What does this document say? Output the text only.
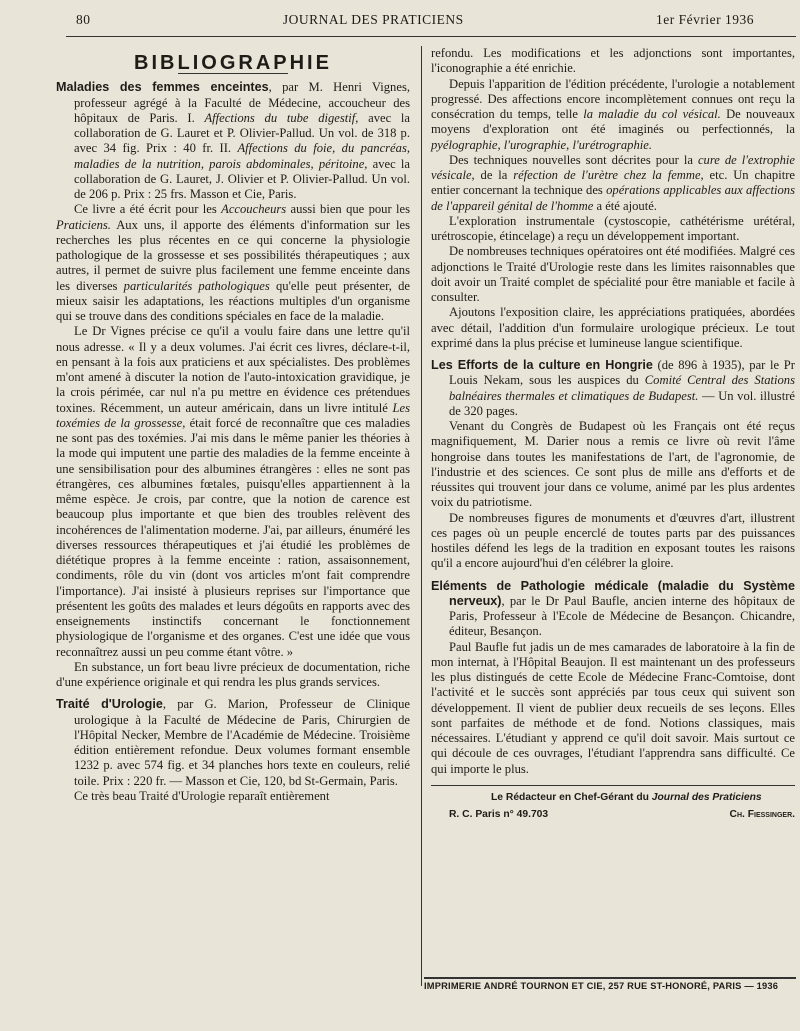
80	JOURNAL DES PRATICIENS	1er Février 1936
BIBLIOGRAPHIE

Maladies des femmes enceintes, par M. Henri Vignes, professeur agrégé à la Faculté de Médecine, accoucheur des hôpitaux de Paris. I. Affections du tube digestif, avec la collaboration de G. Lauret et P. Olivier-Pallud. Un vol. de 318 p. avec 34 fig. Prix : 40 fr. II. Affections du foie, du pancréas, maladies de la nutrition, parois abdominales, péritoine, avec la collaboration de G. Lauret, J. Olivier et P. Olivier-Pallud. Un vol. de 206 p. Prix : 25 frs. Masson et Cie, Paris.

Ce livre a été écrit pour les Accoucheurs aussi bien que pour les Praticiens. Aux uns, il apporte des éléments d'information sur les recherches les plus récentes en ce qui concerne la physiologie pathologique de la grossesse et ses possibilités thérapeutiques ; aux autres, il permet de suivre plus facilement une femme enceinte dans les diverses particularités pathologiques qu'elle peut présenter, de mieux saisir les adaptations, les réactions multiples d'un organisme qui se trouve dans des conditions spéciales en face de la maladie.

Le Dr Vignes précise ce qu'il a voulu faire dans une lettre qu'il nous adresse. « Il y a deux volumes. J'ai écrit ces livres, déclare-t-il, en pensant à la fois aux praticiens et aux spécialistes. Des problèmes m'ont amené à discuter la notion de l'auto-intoxication gravidique, je la crois périmée, car nul n'a pu mettre en évidence ces prétendues toxines. Récemment, un auteur américain, dans un livre intitulé Les toxémies de la grossesse, était forcé de reconnaître que ces maladies ne sont pas des toxémies. J'ai mis dans le même panier les théories à la mode qui imputent une partie des maladies de la femme enceinte à une sensibilisation pour des albumines étrangères : elles ne sont pas étrangères, ces albumines fœtales, puisqu'elles appartiennent à la même espèce. Je crois, par contre, que la notion de carence est beaucoup plus importante et que bien des troubles relèvent des incohérences de l'alimentation moderne. J'ai, par ailleurs, énuméré les diverses ressources thérapeutiques et j'ai étudié les problèmes de diététique propres à la femme enceinte : ration, assaisonnement, condiments, rôle du vin (dont vos articles m'ont fait comprendre l'importance). J'ai insisté à plusieurs reprises sur l'importance que présentent les goûts des malades et leurs dégoûts en rapports avec des enseignements instinctifs concernant le fonctionnement physiologique de l'organisme et des organes. C'est une idée que vous reconnaîtrez aussi un peu comme étant vôtre. »

En substance, un fort beau livre précieux de documentation, riche d'une expérience originale et qui rendra les plus grands services.

Traité d'Urologie, par G. Marion, Professeur de Clinique urologique à la Faculté de Médecine de Paris, Chirurgien de l'Hôpital Necker, Membre de l'Académie de Médecine. Troisième édition entièrement refondue. Deux volumes formant ensemble 1232 p. avec 574 fig. et 34 planches hors texte en couleurs, relié toile. Prix : 220 fr. — Masson et Cie, 120, bd St-Germain, Paris.

Ce très beau Traité d'Urologie reparaît entièrement

refondu. Les modifications et les adjonctions sont importantes, l'iconographie a été enrichie.

Depuis l'apparition de l'édition précédente, l'urologie a notablement progressé. Des affections encore incomplètement connues ont reçu la consécration du temps, telle la maladie du col vésical. De nouveaux moyens d'exploration ont été imaginés ou perfectionnés, la pyélographie, l'urographie, l'urétrographie.

Des techniques nouvelles sont décrites pour la cure de l'extrophie vésicale, de la réfection de l'urètre chez la femme, etc. Un chapitre entier concernant la technique des opérations applicables aux affections de l'appareil génital de l'homme a été ajouté.

L'exploration instrumentale (cystoscopie, cathétérisme urétéral, urétroscopie, étincelage) a reçu un développement important.

De nombreuses techniques opératoires ont été modifiées. Malgré ces adjonctions le Traité d'Urologie reste dans les limites raisonnables que doit avoir un Traité complet de spécialité pour être maniable et facile à consulter.

Ajoutons l'exposition claire, les appréciations pratiquées, abordées avec détail, l'addition d'un formulaire urologique précieux. Le tout exprimé dans la plus précise et lumineuse langue scientifique.

Les Efforts de la culture en Hongrie (de 896 à 1935), par le Pr Louis Nekam, sous les auspices du Comité Central des Stations balnéaires thermales et climatiques de Budapest. — Un vol. illustré de 320 pages.

Venant du Congrès de Budapest où les Français ont été reçus magnifiquement, M. Darier nous a remis ce livre où revit l'âme hongroise dans toutes les manifestations de l'art, de l'agronomie, de l'industrie et des sciences. Ce sont plus de mille ans d'efforts et de réussites qui trouvent jour dans ce volume, animé par les plus ardentes voix du patriotisme.

De nombreuses figures de monuments et d'œuvres d'art, illustrent ces pages où un peuple encerclé de toutes parts par des puissances hostiles défend les legs de la tradition en exposant toutes les raisons qu'il a encore aujourd'hui d'en célébrer la gloire.

Eléments de Pathologie médicale (maladie du Système nerveux), par le Dr Paul Baufle, ancien interne des hôpitaux de Paris, Professeur à l'Ecole de Médecine de Besançon. Chicandre, éditeur, Besançon.

Paul Baufle fut jadis un de mes camarades de laboratoire à la fin de mon internat, à l'Hôpital Beaujon. Il est maintenant un des professeurs les plus distingués de cette Ecole de Médecine Franc-Comtoise, dont l'activité et le succès sont appréciés par tous ceux qui suivent son développement. Il vient de publier deux recueils de ses leçons. Elles sont parfaites de méthode et de fond. Notions classiques, mais nécessaires. L'étudiant y apprend ce qu'il doit savoir. Mais surtout ce qui découle de ces ouvrages, l'étudiant l'apprendra sans difficulté. Ce qui importe le plus.

Le Rédacteur en Chef-Gérant du Journal des Praticiens
R. C. Paris n° 49.703	Ch. Fiessinger.
IMPRIMERIE ANDRÉ TOURNON ET CIE, 257 RUE ST-HONORÉ, PARIS — 1936
